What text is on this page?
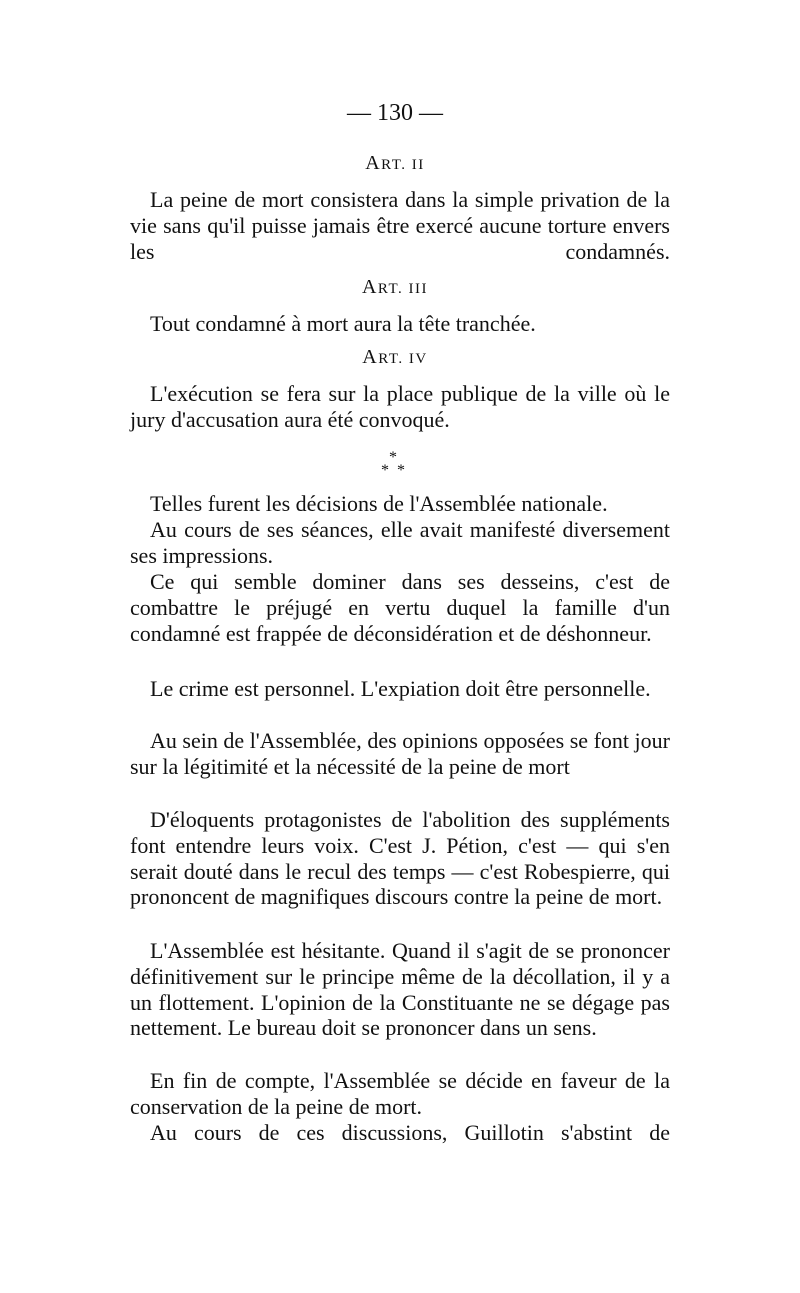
— 130 —
ART. II

La peine de mort consistera dans la simple privation de la vie sans qu'il puisse jamais être exercé aucune torture envers les condamnés.

ART. III

Tout condamné à mort aura la tête tranchée.

ART. IV

L'exécution se fera sur la place publique de la ville où le jury d'accusation aura été convoqué.

*
* *

Telles furent les décisions de l'Assemblée nationale.

Au cours de ses séances, elle avait manifesté diversement ses impressions.

Ce qui semble dominer dans ses desseins, c'est de combattre le préjugé en vertu duquel la famille d'un condamné est frappée de déconsidération et de déshonneur.

Le crime est personnel. L'expiation doit être personnelle.

Au sein de l'Assemblée, des opinions opposées se font jour sur la légitimité et la nécessité de la peine de mort

D'éloquents protagonistes de l'abolition des suppléments font entendre leurs voix. C'est J. Pétion, c'est — qui s'en serait douté dans le recul des temps — c'est Robespierre, qui prononcent de magnifiques discours contre la peine de mort.

L'Assemblée est hésitante. Quand il s'agit de se prononcer définitivement sur le principe même de la décollation, il y a un flottement. L'opinion de la Constituante ne se dégage pas nettement. Le bureau doit se prononcer dans un sens.

En fin de compte, l'Assemblée se décide en faveur de la conservation de la peine de mort.

Au cours de ces discussions, Guillotin s'abstint de
